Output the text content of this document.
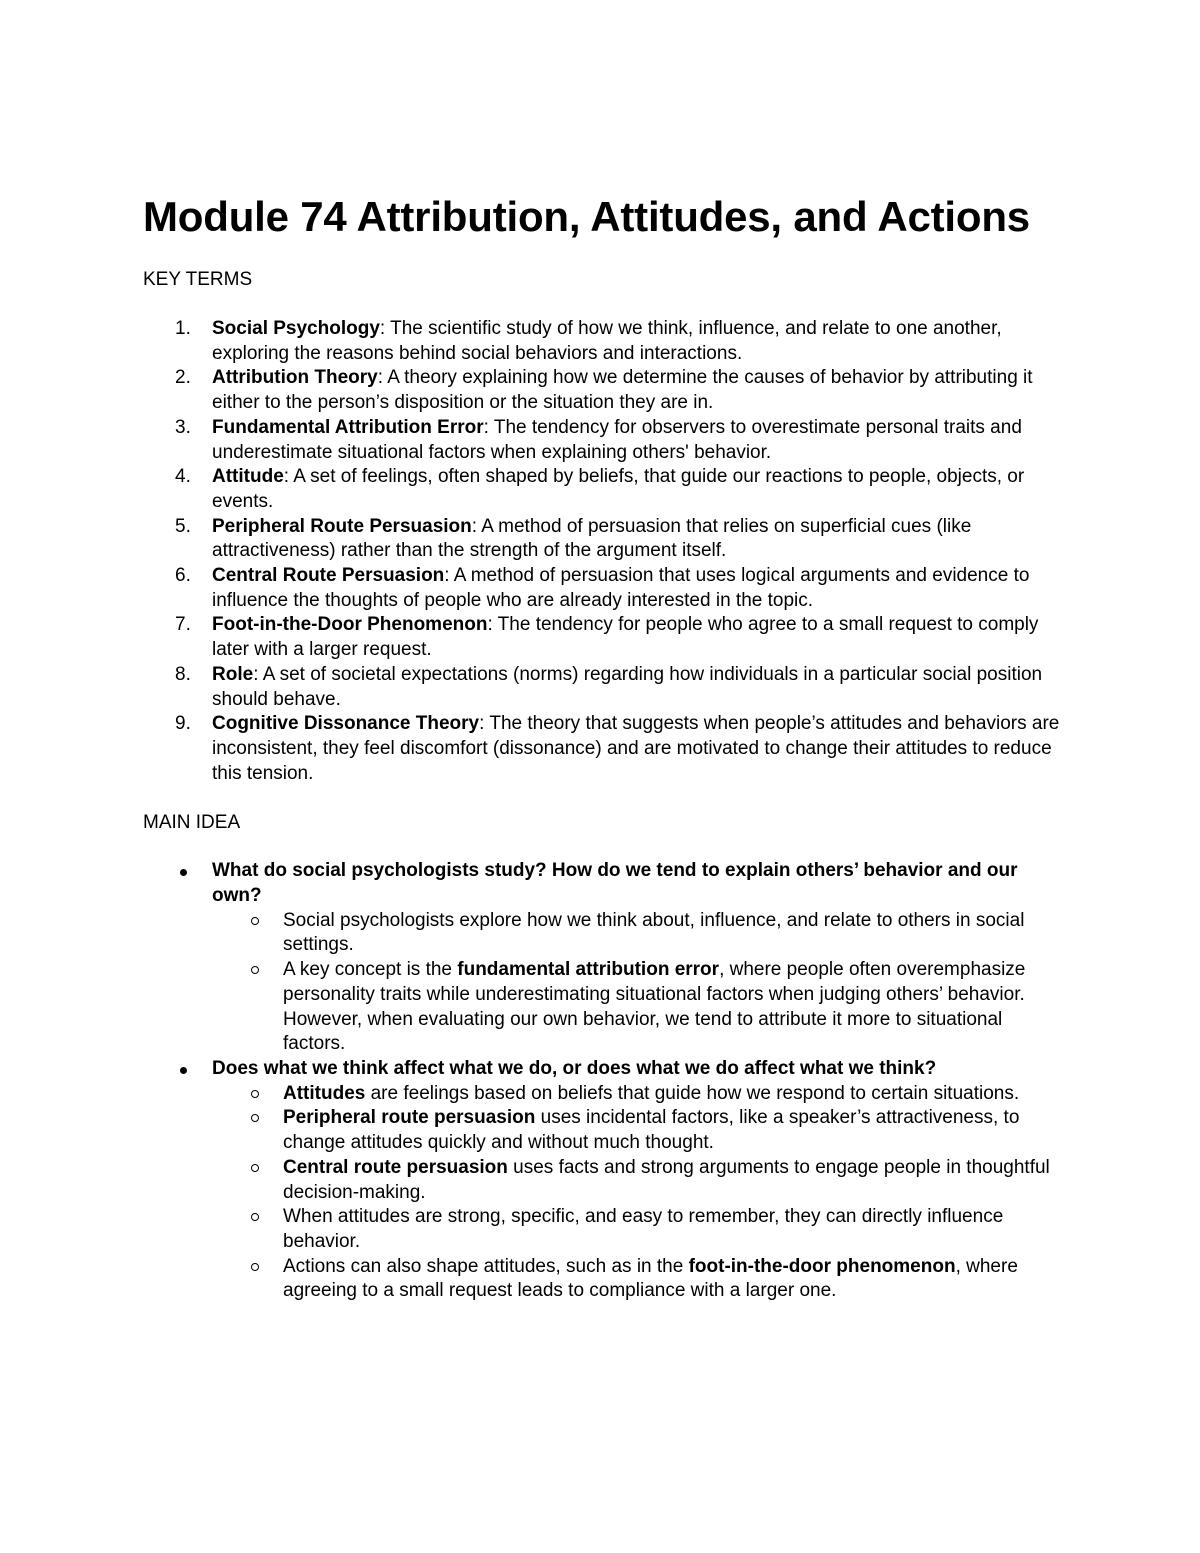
Module 74 Attribution, Attitudes, and Actions

KEY TERMS

1. Social Psychology: The scientific study of how we think, influence, and relate to one another, exploring the reasons behind social behaviors and interactions.
2. Attribution Theory: A theory explaining how we determine the causes of behavior by attributing it either to the person’s disposition or the situation they are in.
3. Fundamental Attribution Error: The tendency for observers to overestimate personal traits and underestimate situational factors when explaining others' behavior.
4. Attitude: A set of feelings, often shaped by beliefs, that guide our reactions to people, objects, or events.
5. Peripheral Route Persuasion: A method of persuasion that relies on superficial cues (like attractiveness) rather than the strength of the argument itself.
6. Central Route Persuasion: A method of persuasion that uses logical arguments and evidence to influence the thoughts of people who are already interested in the topic.
7. Foot-in-the-Door Phenomenon: The tendency for people who agree to a small request to comply later with a larger request.
8. Role: A set of societal expectations (norms) regarding how individuals in a particular social position should behave.
9. Cognitive Dissonance Theory: The theory that suggests when people’s attitudes and behaviors are inconsistent, they feel discomfort (dissonance) and are motivated to change their attitudes to reduce this tension.

MAIN IDEA

What do social psychologists study? How do we tend to explain others’ behavior and our own?
Social psychologists explore how we think about, influence, and relate to others in social settings.
A key concept is the fundamental attribution error, where people often overemphasize personality traits while underestimating situational factors when judging others’ behavior. However, when evaluating our own behavior, we tend to attribute it more to situational factors.
Does what we think affect what we do, or does what we do affect what we think?
Attitudes are feelings based on beliefs that guide how we respond to certain situations.
Peripheral route persuasion uses incidental factors, like a speaker’s attractiveness, to change attitudes quickly and without much thought.
Central route persuasion uses facts and strong arguments to engage people in thoughtful decision-making.
When attitudes are strong, specific, and easy to remember, they can directly influence behavior.
Actions can also shape attitudes, such as in the foot-in-the-door phenomenon, where agreeing to a small request leads to compliance with a larger one.
